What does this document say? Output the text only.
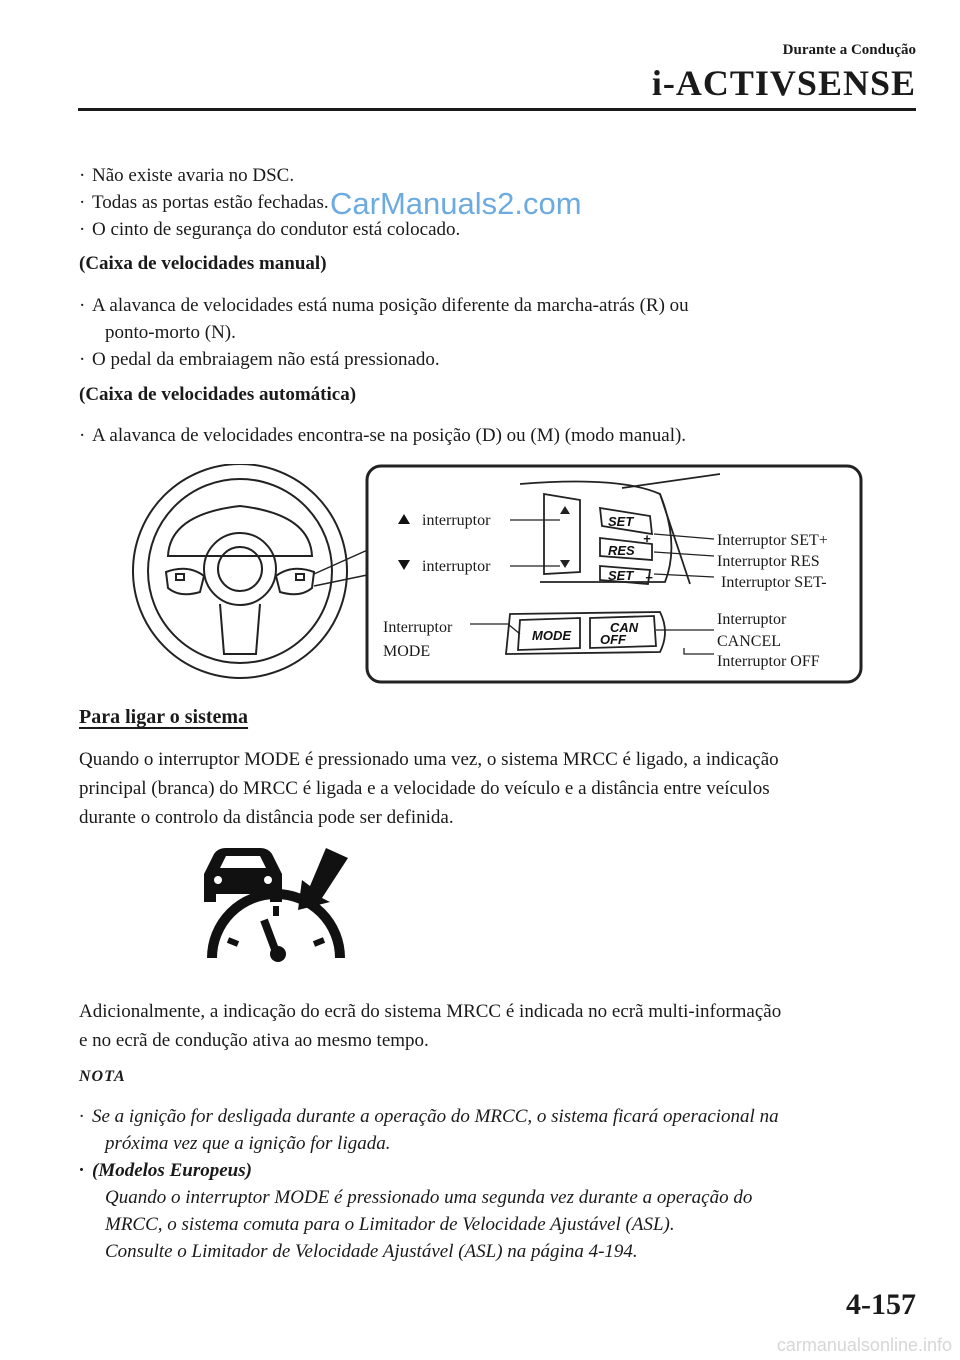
Durante a Condução
i-ACTIVSENSE
· Não existe avaria no DSC.
· Todas as portas estão fechadas.
· O cinto de segurança do condutor está colocado.
CarManuals2.com
(Caixa de velocidades manual)
· A alavanca de velocidades está numa posição diferente da marcha-atrás (R) ou
ponto-morto (N).
· O pedal da embraiagem não está pressionado.
(Caixa de velocidades automática)
· A alavanca de velocidades encontra-se na posição (D) ou (M) (modo manual).
SET
RES
SET
MODE
CAN
OFF
+
−
interruptor
interruptor
Interruptor
MODE
Interruptor SET+
Interruptor RES
Interruptor SET-
Interruptor
CANCEL
Interruptor OFF
Para ligar o sistema
Quando o interruptor MODE é pressionado uma vez, o sistema MRCC é ligado, a indicação
principal (branca) do MRCC é ligada e a velocidade do veículo e a distância entre veículos
durante o controlo da distância pode ser definida.
Adicionalmente, a indicação do ecrã do sistema MRCC é indicada no ecrã multi-informação
e no ecrã de condução ativa ao mesmo tempo.
NOTA
· Se a ignição for desligada durante a operação do MRCC, o sistema ficará operacional na
próxima vez que a ignição for ligada.
· (Modelos Europeus)
Quando o interruptor MODE é pressionado uma segunda vez durante a operação do
MRCC, o sistema comuta para o Limitador de Velocidade Ajustável (ASL).
Consulte o Limitador de Velocidade Ajustável (ASL) na página 4-194.
4-157
carmanualsonline.info
